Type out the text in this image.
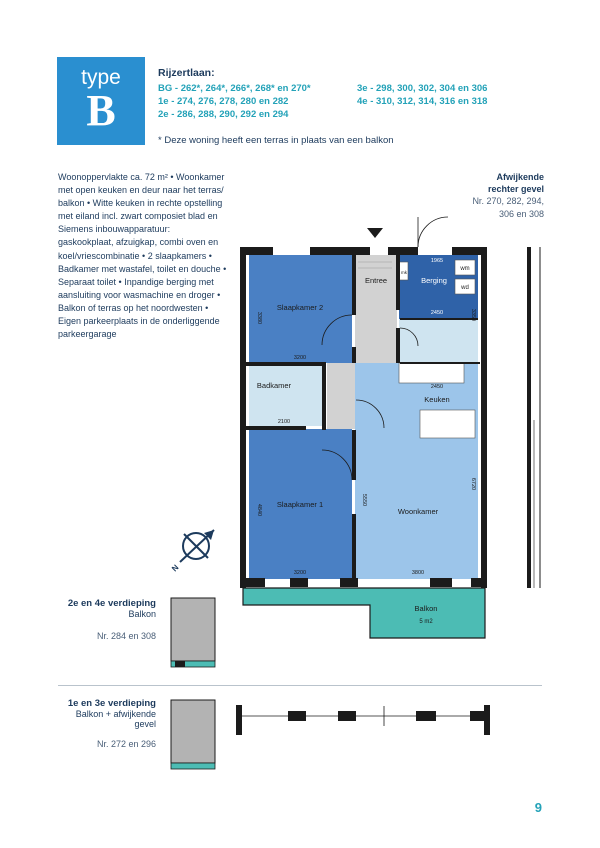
type
B
Rijzertlaan:
BG - 262*, 264*, 266*, 268* en 270*
1e - 274, 276, 278, 280 en 282
2e - 286, 288, 290, 292 en 294
3e - 298, 300, 302, 304 en 306
4e - 310, 312, 314, 316 en 318
* Deze woning heeft een terras in plaats van een balkon
Woonoppervlakte ca. 72 m² • Woonkamer met open keuken en deur naar het terras/ balkon • Witte keuken in rechte opstelling met eiland incl. zwart composiet blad en Siemens inbouwapparatuur: gaskookplaat, afzuigkap, combi oven en koel/vriescombinatie • 2 slaapkamers • Badkamer met wastafel, toilet en douche • Separaat toilet • Inpandige berging met aansluiting voor wasmachine en droger • Balkon of terras op het noordwesten • Eigen parkeerplaats in de onderliggende parkeergarage
Afwijkende
rechter gevel
Nr. 270, 282, 294,
306 en 308
Slaapkamer 2
Slaapkamer 1
Entree	Berging
Badkamer
Keuken
Woonkamer
Balkon
5 m2
wm
wd
mk
3200
3380
3200
4840
2100
1965
2450	3350
2450
6720
5550
3800
N
2e en 4e verdieping
Balkon
Nr. 284 en 308
1e en 3e verdieping
Balkon + afwijkende
gevel
Nr. 272 en 296
9
